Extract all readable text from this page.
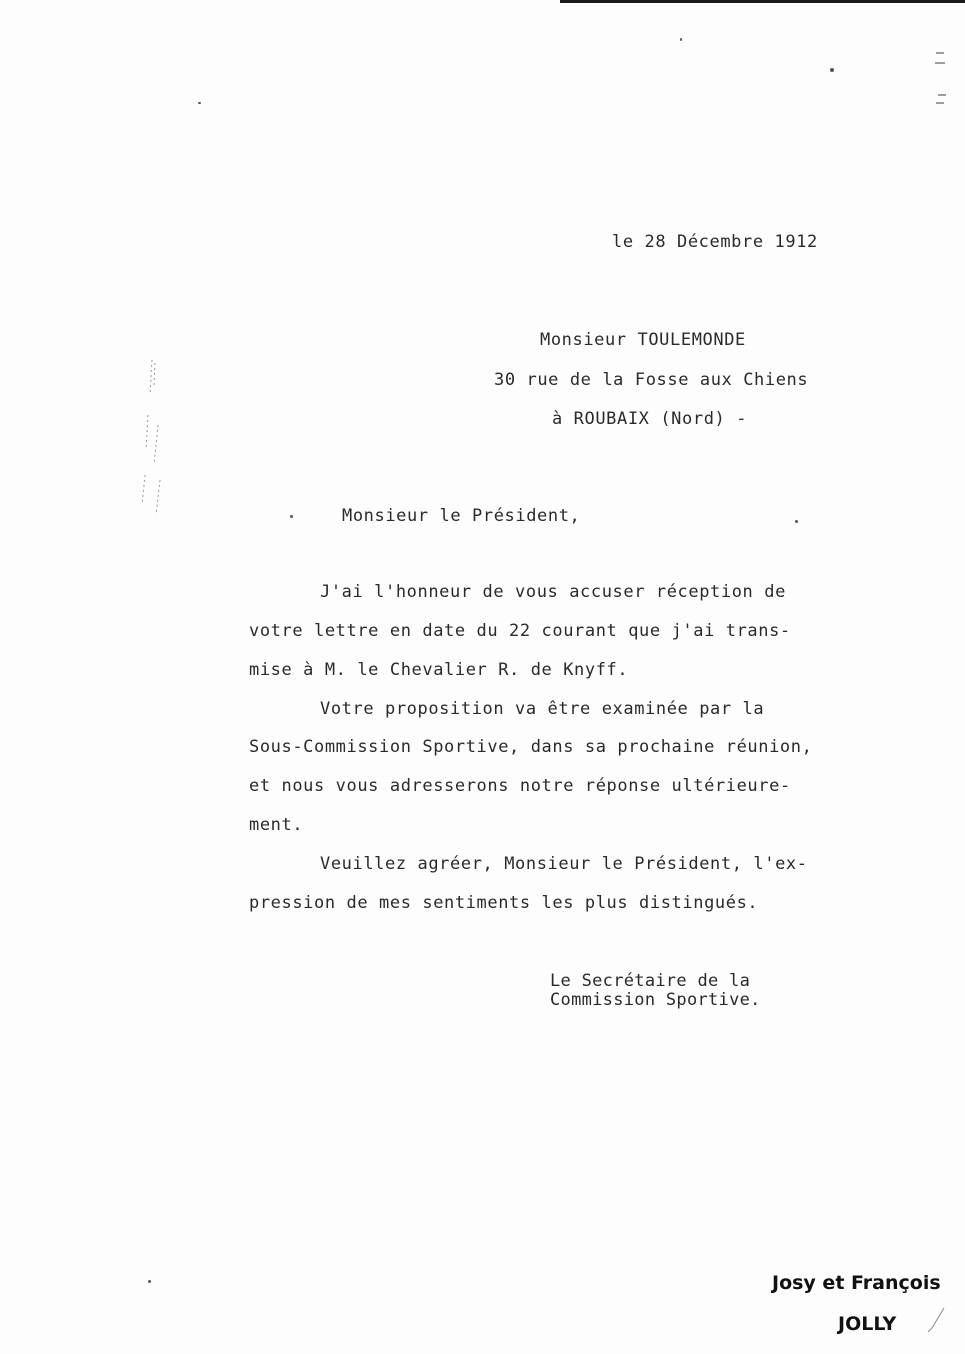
le 28 Décembre 1912
Monsieur TOULEMONDE
30 rue de la Fosse aux Chiens
à ROUBAIX (Nord) -
Monsieur le Président,
J'ai l'honneur de vous accuser réception de
votre lettre en date du 22 courant que j'ai trans-
mise à M. le Chevalier R. de Knyff.
Votre proposition va être examinée par la
Sous-Commission Sportive, dans sa prochaine réunion,
et nous vous adresserons notre réponse ultérieure-
ment.
Veuillez agréer, Monsieur le Président, l'ex-
pression de mes sentiments les plus distingués.
Le Secrétaire de la
Commission Sportive.
Josy et François
JOLLY
